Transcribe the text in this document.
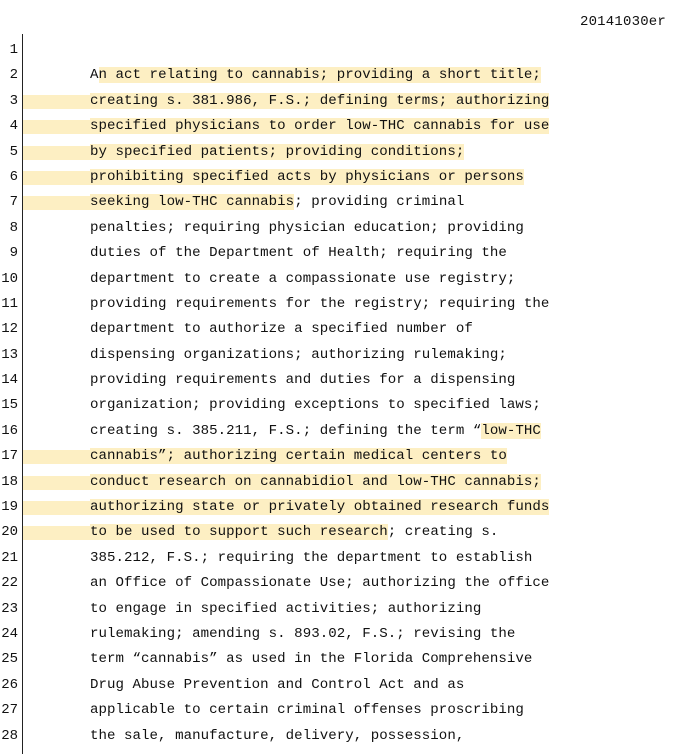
20141030er
1
2	An act relating to cannabis; providing a short title;
3	creating s. 381.986, F.S.; defining terms; authorizing
4	specified physicians to order low-THC cannabis for use
5	by specified patients; providing conditions;
6	prohibiting specified acts by physicians or persons
7	seeking low-THC cannabis; providing criminal
8	penalties; requiring physician education; providing
9	duties of the Department of Health; requiring the
10	department to create a compassionate use registry;
11	providing requirements for the registry; requiring the
12	department to authorize a specified number of
13	dispensing organizations; authorizing rulemaking;
14	providing requirements and duties for a dispensing
15	organization; providing exceptions to specified laws;
16	creating s. 385.211, F.S.; defining the term “low-THC
17	cannabis”; authorizing certain medical centers to
18	conduct research on cannabidiol and low-THC cannabis;
19	authorizing state or privately obtained research funds
20	to be used to support such research; creating s.
21	385.212, F.S.; requiring the department to establish
22	an Office of Compassionate Use; authorizing the office
23	to engage in specified activities; authorizing
24	rulemaking; amending s. 893.02, F.S.; revising the
25	term “cannabis” as used in the Florida Comprehensive
26	Drug Abuse Prevention and Control Act and as
27	applicable to certain criminal offenses proscribing
28	the sale, manufacture, delivery, possession,
